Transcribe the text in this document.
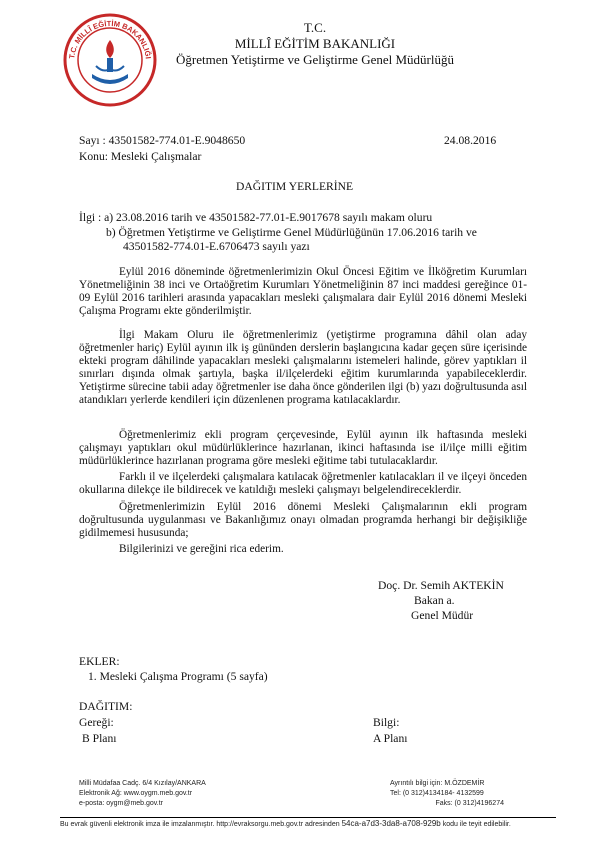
T.C. MİLLÎ EĞİTİM BAKANLIĞI
T.C.
MİLLÎ EĞİTİM BAKANLIĞI
Öğretmen Yetiştirme ve Geliştirme Genel Müdürlüğü
Sayı : 43501582-774.01-E.9048650	24.08.2016
Konu: Mesleki Çalışmalar
DAĞITIM YERLERİNE
İlgi : a) 23.08.2016 tarih ve 43501582-77.01-E.9017678 sayılı makam oluru
b) Öğretmen Yetiştirme ve Geliştirme Genel Müdürlüğünün 17.06.2016 tarih ve
43501582-774.01-E.6706473 sayılı yazı
Eylül 2016 döneminde öğretmenlerimizin Okul Öncesi Eğitim ve İlköğretim Kurumları Yönetmeliğinin 38 inci ve Ortaöğretim Kurumları Yönetmeliğinin 87 inci maddesi gereğince 01-09 Eylül 2016 tarihleri arasında yapacakları mesleki çalışmalara dair Eylül 2016 dönemi Mesleki Çalışma Programı ekte gönderilmiştir.
İlgi Makam Oluru ile öğretmenlerimiz (yetiştirme programına dâhil olan aday öğretmenler hariç) Eylül ayının ilk iş gününden derslerin başlangıcına kadar geçen süre içerisinde ekteki program dâhilinde yapacakları mesleki çalışmalarını istemeleri halinde, görev yaptıkları il sınırları dışında olmak şartıyla, başka il/ilçelerdeki eğitim kurumlarında yapabileceklerdir. Yetiştirme sürecine tabii aday öğretmenler ise daha önce gönderilen ilgi (b) yazı doğrultusunda asıl atandıkları yerlerde kendileri için düzenlenen programa katılacaklardır.
Öğretmenlerimiz ekli program çerçevesinde, Eylül ayının ilk haftasında mesleki çalışmayı yaptıkları okul müdürlüklerince hazırlanan, ikinci haftasında ise il/ilçe milli eğitim müdürlüklerince hazırlanan programa göre mesleki eğitime tabi tutulacaklardır.
Farklı il ve ilçelerdeki çalışmalara katılacak öğretmenler katılacakları il ve ilçeyi önceden okullarına dilekçe ile bildirecek ve katıldığı mesleki çalışmayı belgelendireceklerdir.
Öğretmenlerimizin Eylül 2016 dönemi Mesleki Çalışmalarının ekli program doğrultusunda uygulanması ve Bakanlığımız onayı olmadan programda herhangi bir değişikliğe gidilmemesi hususunda;
Bilgilerinizi ve gereğini rica ederim.
Doç. Dr. Semih AKTEKİN
Bakan a.
Genel Müdür
EKLER:
1. Mesleki Çalışma Programı (5 sayfa)
DAĞITIM:
Gereği:
B Planı
Bilgi:
A Planı
Milli Müdafaa Cadç. 6/4 Kızılay/ANKARA
Elektronik Ağ: www.oygm.meb.gov.tr
e-posta: oygm@meb.gov.tr
Ayrıntılı bilgi için: M.ÖZDEMİR
Tel: (0 312)4134184- 4132599
Faks: (0 312)4196274
Bu evrak güvenli elektronik imza ile imzalanmıştır. http://evraksorgu.meb.gov.tr adresinden 54ca-a7d3-3da8-a708-929b kodu ile teyit edilebilir.
